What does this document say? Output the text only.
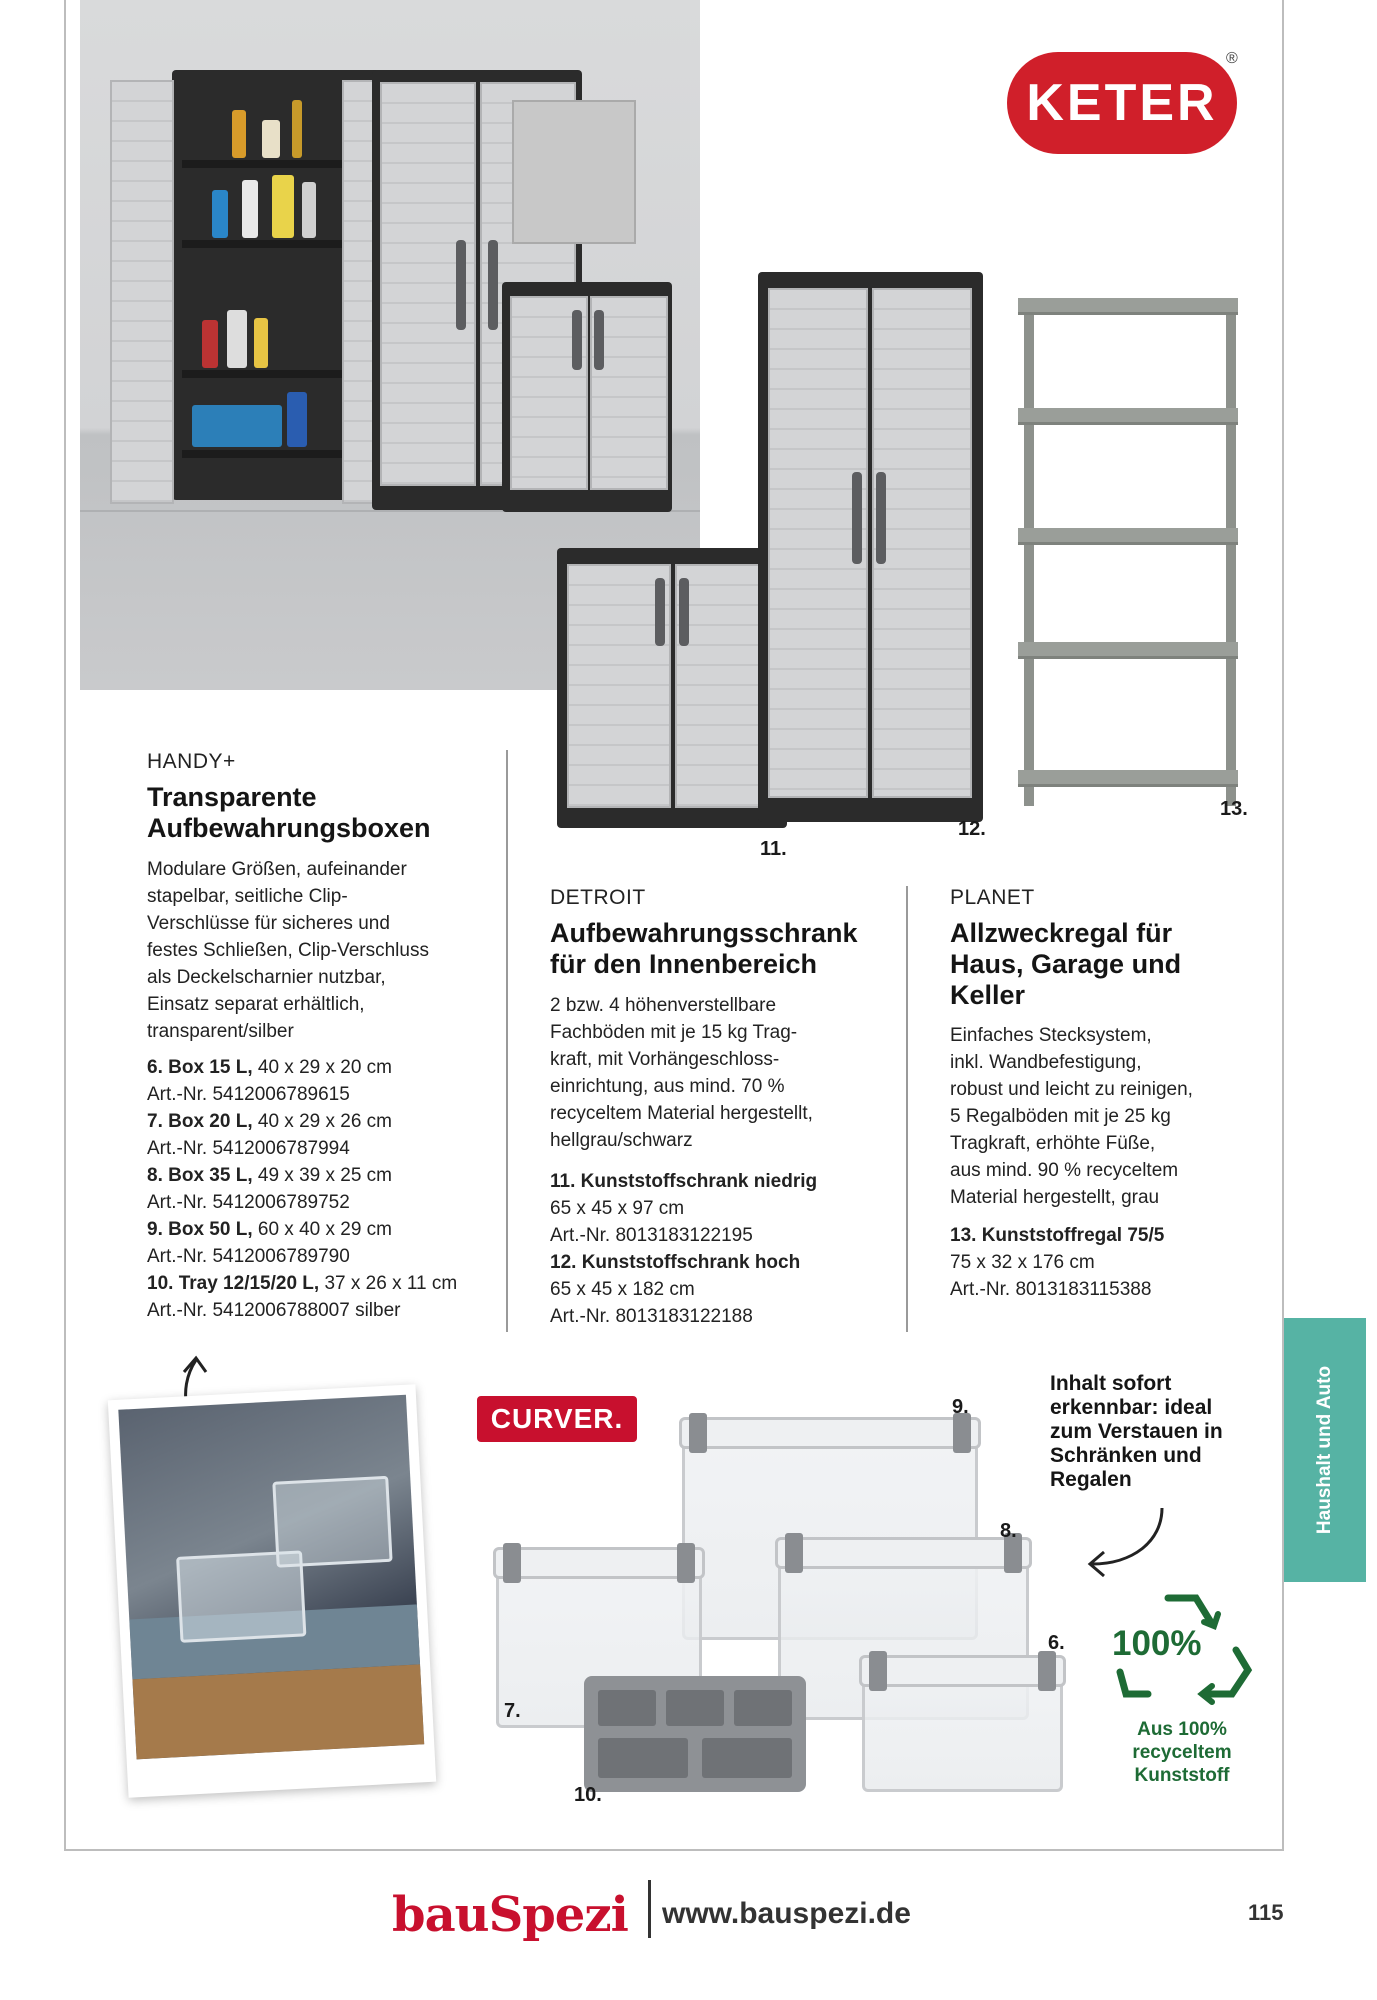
KETER
®
11.
12.
13.
HANDY+
Transparente
Aufbewahrungsboxen
Modulare Größen, aufeinander
stapelbar, seitliche Clip-
Verschlüsse für sicheres und
festes Schließen, Clip-Verschluss
als Deckelscharnier nutzbar,
Einsatz separat erhältlich,
transparent/silber
6. Box 15 L, 40 x 29 x 20 cm
Art.-Nr. 5412006789615
7. Box 20 L, 40 x 29 x 26 cm
Art.-Nr. 5412006787994
8. Box 35 L, 49 x 39 x 25 cm
Art.-Nr. 5412006789752
9. Box 50 L, 60 x 40 x 29 cm
Art.-Nr. 5412006789790
10. Tray 12/15/20 L, 37 x 26 x 11 cm
Art.-Nr. 5412006788007 silber
DETROIT
Aufbewahrungsschrank
für den Innenbereich
2 bzw. 4 höhenverstellbare
Fachböden mit je 15 kg Trag-
kraft, mit Vorhängeschloss-
einrichtung, aus mind. 70 %
recyceltem Material hergestellt,
hellgrau/schwarz
11. Kunststoffschrank niedrig
65 x 45 x 97 cm
Art.-Nr. 8013183122195
12. Kunststoffschrank hoch
65 x 45 x 182 cm
Art.-Nr. 8013183122188
PLANET
Allzweckregal für
Haus, Garage und
Keller
Einfaches Stecksystem,
inkl. Wandbefestigung,
robust und leicht zu reinigen,
5 Regalböden mit je 25 kg
Tragkraft, erhöhte Füße,
aus mind. 90 % recyceltem
Material hergestellt, grau
13. Kunststoffregal 75/5
75 x 32 x 176 cm
Art.-Nr. 8013183115388
Haushalt und Auto
CURVER.	9.
8.
7.
6.
10.
Inhalt sofort
erkennbar: ideal
zum Verstauen in
Schränken und
Regalen
100%
Aus 100%
recyceltem
Kunststoff
bauSpezi www.bauspezi.de	115
